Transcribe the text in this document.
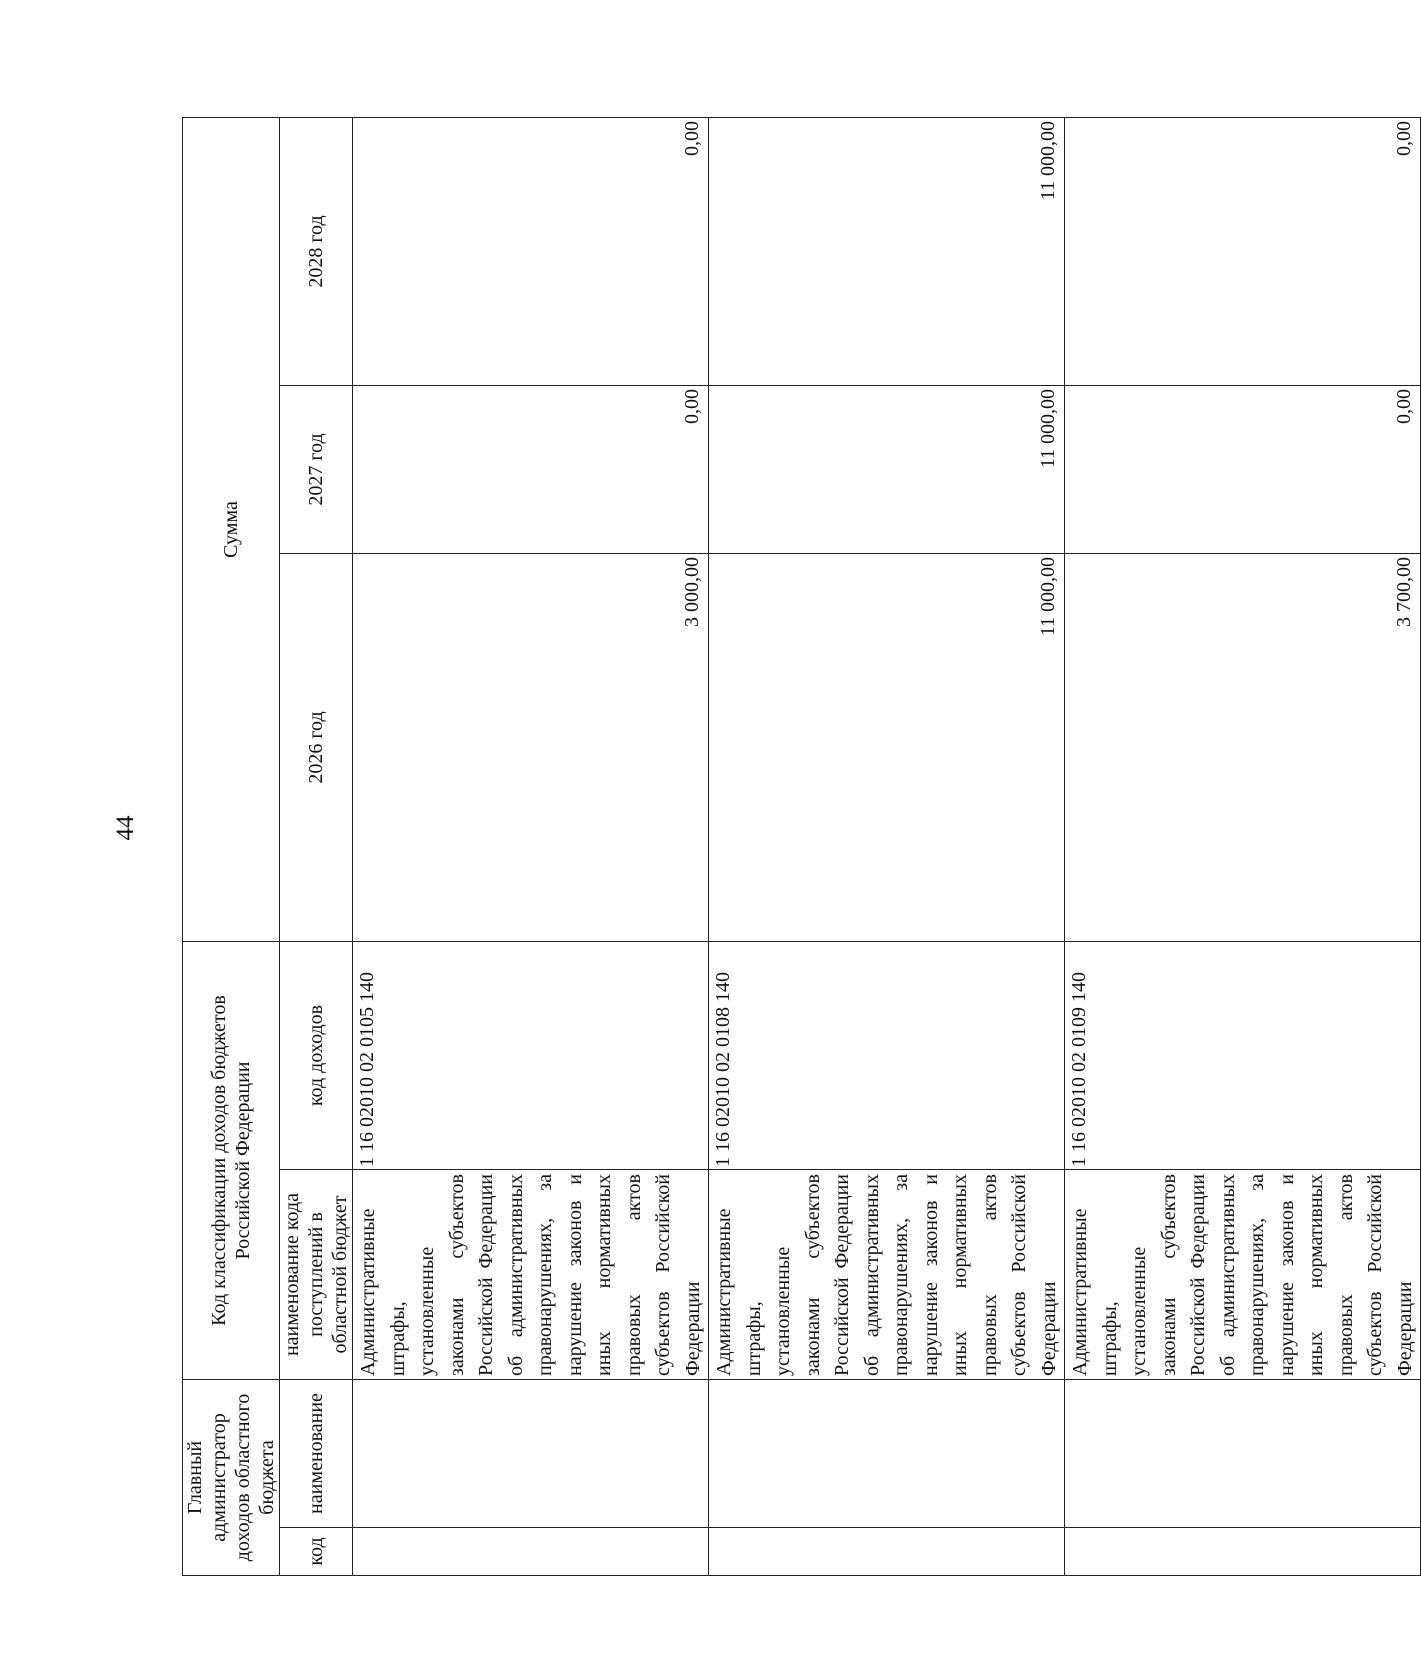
44
Главный администратор доходов областного бюджета		Код классификации доходов бюджетов Российской Федерации		Сумма		
код	наименование	наименование кода поступлений в областной бюджет	код доходов	2026 год	2027 год	2028 год
		Административные штрафы, установленные законами субъектов Российской Федерации об административных правонарушениях, за нарушение законов и иных нормативных правовых актов субъектов Российской Федерации	1 16 02010 02 0105 140	3 000,00	0,00	0,00
		Административные штрафы, установленные законами субъектов Российской Федерации об административных правонарушениях, за нарушение законов и иных нормативных правовых актов субъектов Российской Федерации	1 16 02010 02 0108 140	11 000,00	11 000,00	11 000,00
		Административные штрафы, установленные законами субъектов Российской Федерации об административных правонарушениях, за нарушение законов и иных нормативных правовых актов субъектов Российской Федерации	1 16 02010 02 0109 140	3 700,00	0,00	0,00
